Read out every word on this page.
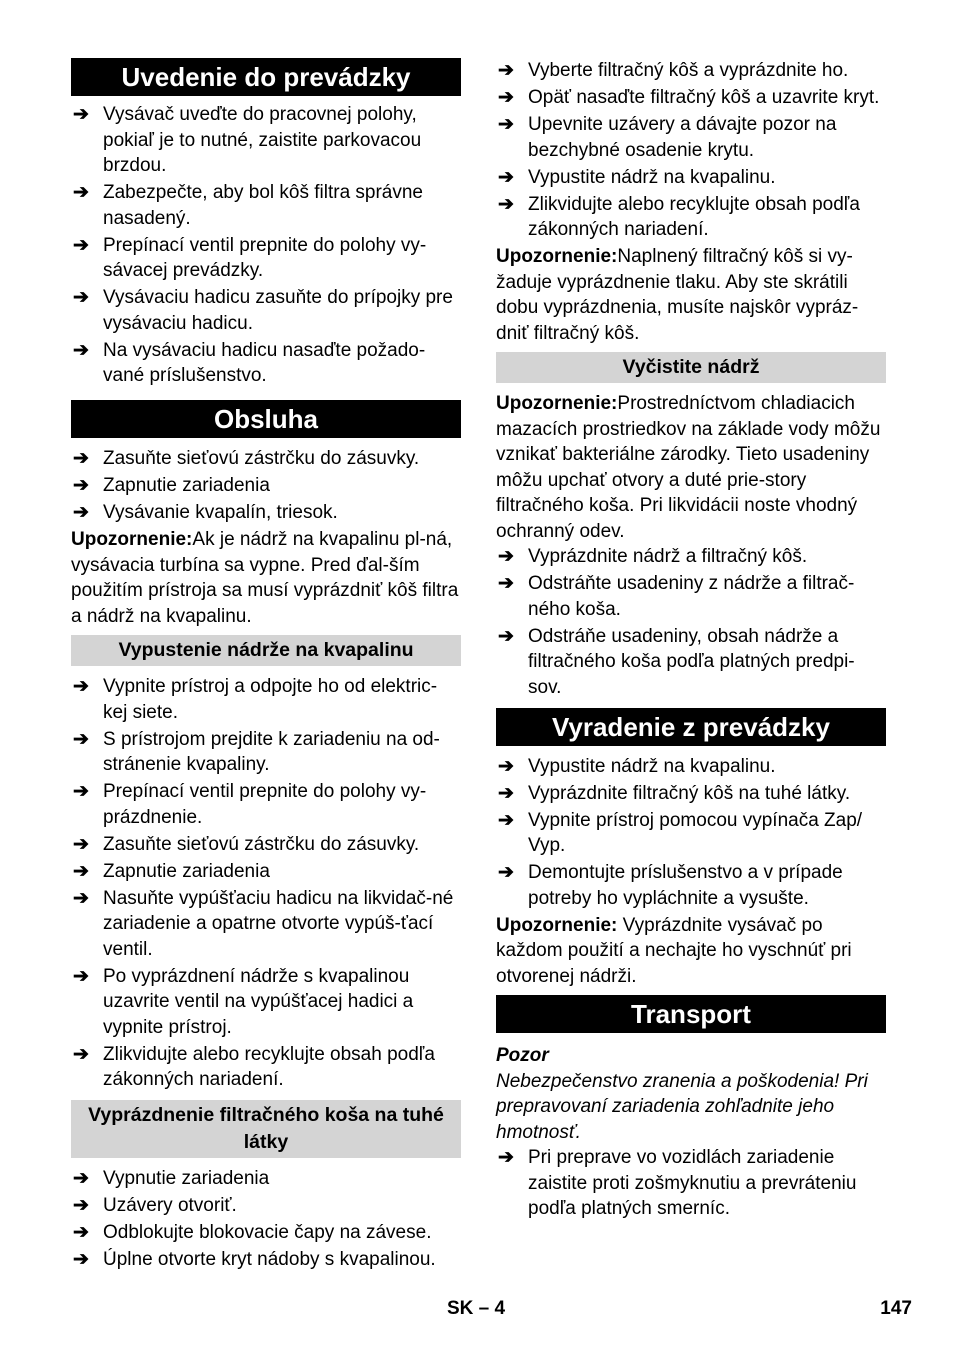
Uvedenie do prevádzky
➔ Vysávač uveďte do pracovnej polohy, pokiaľ je to nutné, zaistite parkovacou brzdou.
➔ Zabezpečte, aby bol kôš filtra správne nasadený.
➔ Prepínací ventil prepnite do polohy vy-sávacej prevádzky.
➔ Vysávaciu hadicu zasuňte do prípojky pre vysávaciu hadicu.
➔ Na vysávaciu hadicu nasaďte požado-vané príslušenstvo.
Obsluha
➔ Zasuňte sieťovú zástrčku do zásuvky.
➔ Zapnutie zariadenia
➔ Vysávanie kvapalín, triesok.

Upozornenie:Ak je nádrž na kvapalinu pl-ná, vysávacia turbína sa vypne. Pred ďal-ším použitím prístroja sa musí vyprázdniť kôš filtra a nádrž na kvapalinu.

Vypustenie nádrže na kvapalinu
➔ Vypnite prístroj a odpojte ho od elektric-kej siete.
➔ S prístrojom prejdite k zariadeniu na od-stránenie kvapaliny.
➔ Prepínací ventil prepnite do polohy vy-prázdnenie.
➔ Zasuňte sieťovú zástrčku do zásuvky.
➔ Zapnutie zariadenia
➔ Nasuňte vypúšťaciu hadicu na likvidač-né zariadenie a opatrne otvorte vypúš-ťací ventil.
➔ Po vyprázdnení nádrže s kvapalinou uzavrite ventil na vypúšťacej hadici a vypnite prístroj.
➔ Zlikvidujte alebo recyklujte obsah podľa zákonných nariadení.
Vyprázdnenie filtračného koša na tuhé látky
➔ Vypnutie zariadenia
➔ Uzávery otvoriť.
➔ Odblokujte blokovacie čapy na závese.
➔ Úplne otvorte kryt nádoby s kvapalinou.
➔ Vyberte filtračný kôš a vyprázdnite ho.
➔ Opäť nasaďte filtračný kôš a uzavrite kryt.
➔ Upevnite uzávery a dávajte pozor na bezchybné osadenie krytu.
➔ Vypustite nádrž na kvapalinu.
➔ Zlikvidujte alebo recyklujte obsah podľa zákonných nariadení.

Upozornenie:Naplnený filtračný kôš si vy-žaduje vyprázdnenie tlaku. Aby ste skrátili dobu vyprázdnenia, musíte najskôr vypráz-dniť filtračný kôš.

Vyčistite nádrž

Upozornenie:Prostredníctvom chladiacich mazacích prostriedkov na základe vody môžu vznikať bakteriálne zárodky. Tieto usadeniny môžu upchať otvory a duté prie-story filtračného koša. Pri likvidácii noste vhodný ochranný odev.

➔ Vyprázdnite nádrž a filtračný kôš.
➔ Odstráňte usadeniny z nádrže a filtrač-ného koša.
➔ Odstráňe usadeniny, obsah nádrže a filtračného koša podľa platných predpi-sov.
Vyradenie z prevádzky
➔ Vypustite nádrž na kvapalinu.
➔ Vyprázdnite filtračný kôš na tuhé látky.
➔ Vypnite prístroj pomocou vypínača Zap/ Vyp.
➔ Demontujte príslušenstvo a v prípade potreby ho vypláchnite a vysušte.

Upozornenie: Vyprázdnite vysávač po každom použití a nechajte ho vyschnúť pri otvorenej nádrži.

Transport

Pozor

Nebezpečenstvo zranenia a poškodenia! Pri prepravovaní zariadenia zohľadnite jeho hmotnosť.

➔ Pri preprave vo vozidlách zariadenie zaistite proti zošmyknutiu a prevráteniu podľa platných smerníc.
SK – 4	147
